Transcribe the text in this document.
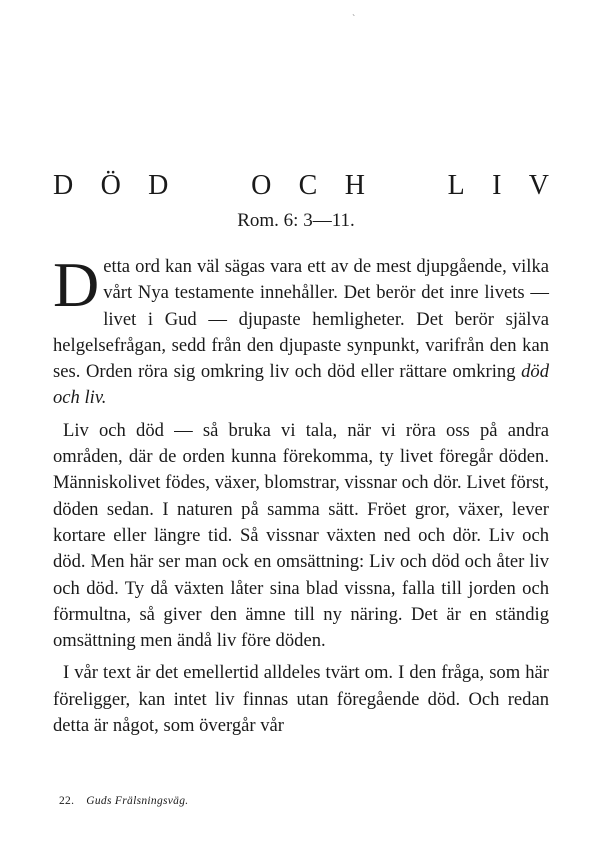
`
D Ö D	O C H	L I V
Rom. 6: 3—11.

Detta ord kan väl sägas vara ett av de mest djupgående, vilka vårt Nya testamente innehåller. Det berör det inre livets — livet i Gud — djupaste hemligheter. Det berör själva helgelsefrågan, sedd från den djupaste synpunkt, varifrån den kan ses. Orden röra sig omkring liv och död eller rättare omkring död och liv.

Liv och död — så bruka vi tala, när vi röra oss på andra områden, där de orden kunna förekomma, ty livet föregår döden. Människolivet födes, växer, blomstrar, vissnar och dör. Livet först, döden sedan. I naturen på samma sätt. Fröet gror, växer, lever kortare eller längre tid. Så vissnar växten ned och dör. Liv och död. Men här ser man ock en omsättning: Liv och död och åter liv och död. Ty då växten låter sina blad vissna, falla till jorden och förmultna, så giver den ämne till ny näring. Det är en ständig omsättning men ändå liv före döden.

I vår text är det emellertid alldeles tvärt om. I den fråga, som här föreligger, kan intet liv finnas utan föregående död. Och redan detta är något, som övergår vår

22. Guds Frälsningsväg.
